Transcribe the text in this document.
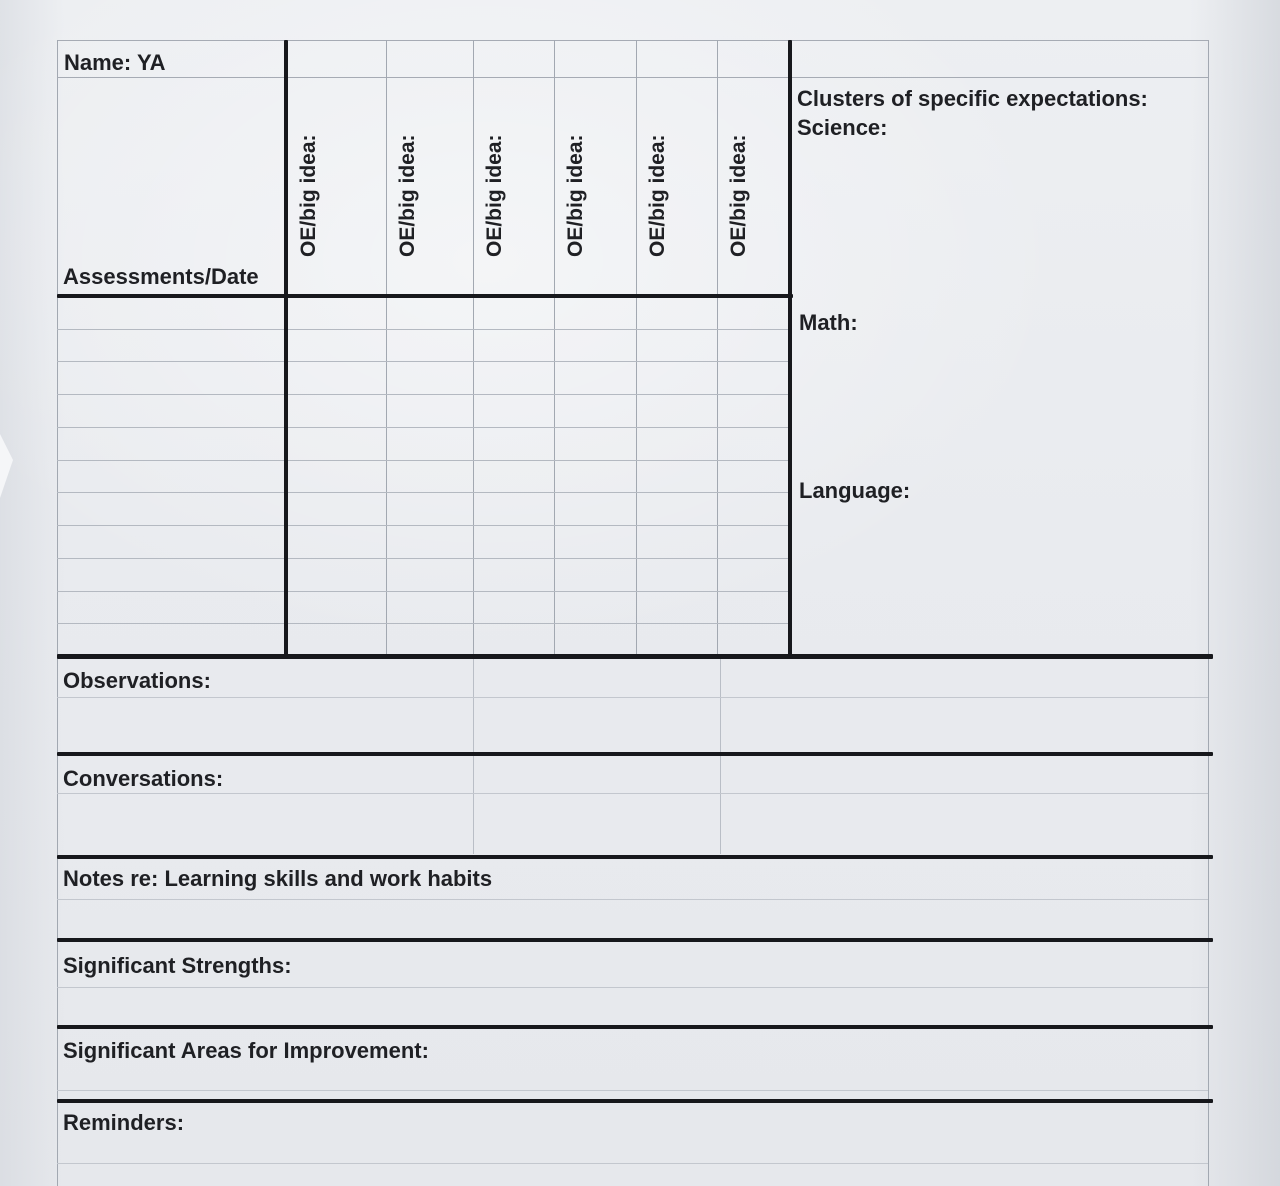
Name: YA
Assessments/Date
OE/big idea:	OE/big idea:	OE/big idea:	OE/big idea:	OE/big idea:	OE/big idea:
Clusters of specific expectations:
Science:
Math:
Language:
Observations:
Conversations:
Notes re: Learning skills and work habits
Significant Strengths:
Significant Areas for Improvement:
Reminders:
